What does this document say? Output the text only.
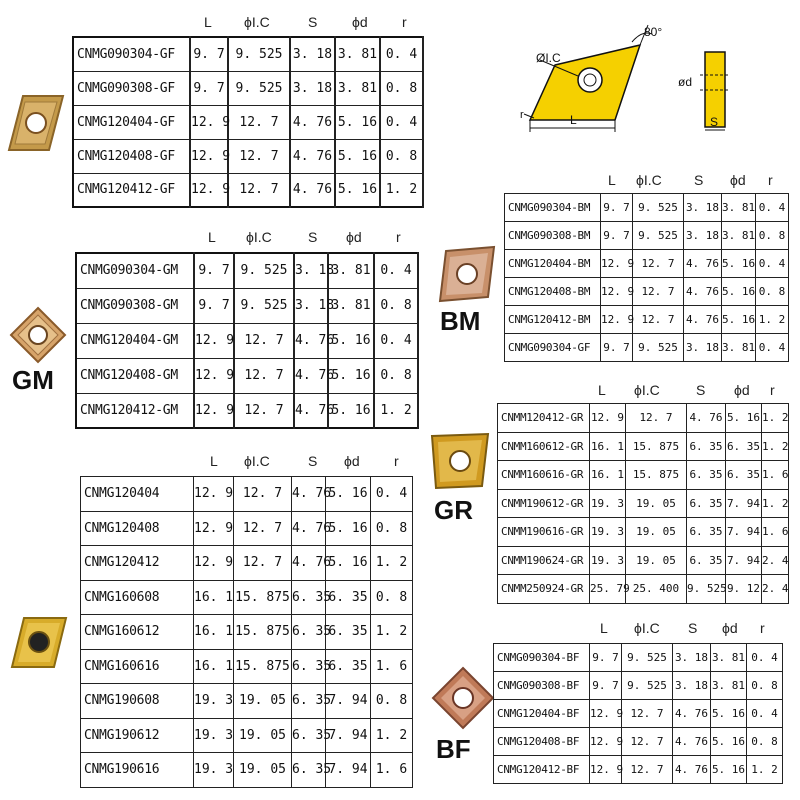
80°
ØI.C
L
r
ød
S
GM
BM
GR
BF
L ϕI.C	S ϕd r
CNMG090304-GF	9. 7	9. 525	3. 18	3. 81	0. 4
CNMG090308-GF	9. 7	9. 525	3. 18	3. 81	0. 8
CNMG120404-GF	12. 9	12. 7	4. 76	5. 16	0. 4
CNMG120408-GF	12. 9	12. 7	4. 76	5. 16	0. 8
CNMG120412-GF	12. 9	12. 7	4. 76	5. 16	1. 2
L ϕI.C	S ϕd r
CNMG090304-GM	9. 7	9. 525	3. 18	3. 81	0. 4
CNMG090308-GM	9. 7	9. 525	3. 18	3. 81	0. 8
CNMG120404-GM	12. 9	12. 7	4. 76	5. 16	0. 4
CNMG120408-GM	12. 9	12. 7	4. 76	5. 16	0. 8
CNMG120412-GM	12. 9	12. 7	4. 76	5. 16	1. 2
L ϕI.C	S ϕd r
CNMG120404	12. 9	12. 7	4. 76	5. 16	0. 4
CNMG120408	12. 9	12. 7	4. 76	5. 16	0. 8
CNMG120412	12. 9	12. 7	4. 76	5. 16	1. 2
CNMG160608	16. 1	15. 875	6. 35	6. 35	0. 8
CNMG160612	16. 1	15. 875	6. 35	6. 35	1. 2
CNMG160616	16. 1	15. 875	6. 35	6. 35	1. 6
CNMG190608	19. 3	19. 05	6. 35	7. 94	0. 8
CNMG190612	19. 3	19. 05	6. 35	7. 94	1. 2
CNMG190616	19. 3	19. 05	6. 35	7. 94	1. 6
L ϕI.C S ϕd r
CNMG090304-BM	9. 7	9. 525	3. 18	3. 81	0. 4
CNMG090308-BM	9. 7	9. 525	3. 18	3. 81	0. 8
CNMG120404-BM	12. 9	12. 7	4. 76	5. 16	0. 4
CNMG120408-BM	12. 9	12. 7	4. 76	5. 16	0. 8
CNMG120412-BM	12. 9	12. 7	4. 76	5. 16	1. 2
CNMG090304-GF	9. 7	9. 525	3. 18	3. 81	0. 4
L ϕI.C	S ϕd r
CNMM120412-GR	12. 9	12. 7	4. 76	5. 16	1. 2
CNMM160612-GR	16. 1	15. 875	6. 35	6. 35	1. 2
CNMM160616-GR	16. 1	15. 875	6. 35	6. 35	1. 6
CNMM190612-GR	19. 3	19. 05	6. 35	7. 94	1. 2
CNMM190616-GR	19. 3	19. 05	6. 35	7. 94	1. 6
CNMM190624-GR	19. 3	19. 05	6. 35	7. 94	2. 4
CNMM250924-GR	25. 79	25. 400	9. 525	9. 12	2. 4
L ϕI.C S ϕd r
CNMG090304-BF	9. 7	9. 525	3. 18	3. 81	0. 4
CNMG090308-BF	9. 7	9. 525	3. 18	3. 81	0. 8
CNMG120404-BF	12. 9	12. 7	4. 76	5. 16	0. 4
CNMG120408-BF	12. 9	12. 7	4. 76	5. 16	0. 8
CNMG120412-BF	12. 9	12. 7	4. 76	5. 16	1. 2
